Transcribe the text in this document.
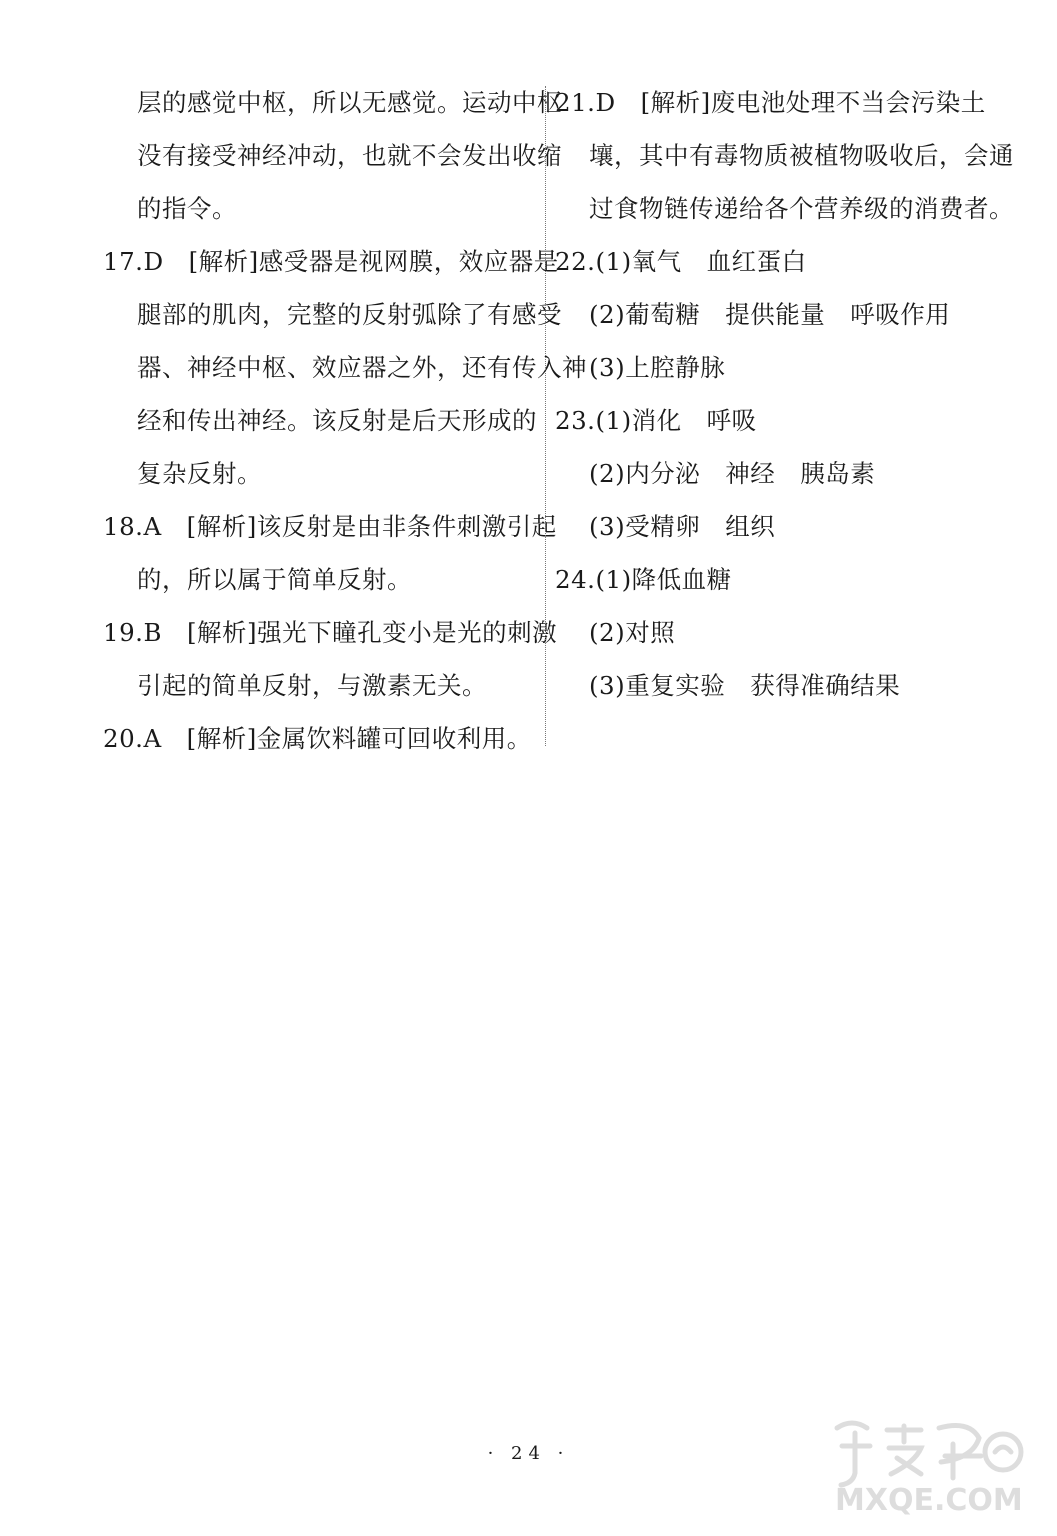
层的感觉中枢，所以无感觉。运动中枢
没有接受神经冲动，也就不会发出收缩
的指令。
17.D　[解析]感受器是视网膜，效应器是
腿部的肌肉，完整的反射弧除了有感受
器、神经中枢、效应器之外，还有传入神
经和传出神经。该反射是后天形成的
复杂反射。
18.A　[解析]该反射是由非条件刺激引起
的，所以属于简单反射。
19.B　[解析]强光下瞳孔变小是光的刺激
引起的简单反射，与激素无关。
20.A　[解析]金属饮料罐可回收利用。
21.D　[解析]废电池处理不当会污染土
壤，其中有毒物质被植物吸收后，会通
过食物链传递给各个营养级的消费者。
22.(1)氧气　血红蛋白
(2)葡萄糖　提供能量　呼吸作用
(3)上腔静脉
23.(1)消化　呼吸
(2)内分泌　神经　胰岛素
(3)受精卵　组织
24.(1)降低血糖
(2)对照
(3)重复实验　获得准确结果
· 24 ·
MXQE.COM
